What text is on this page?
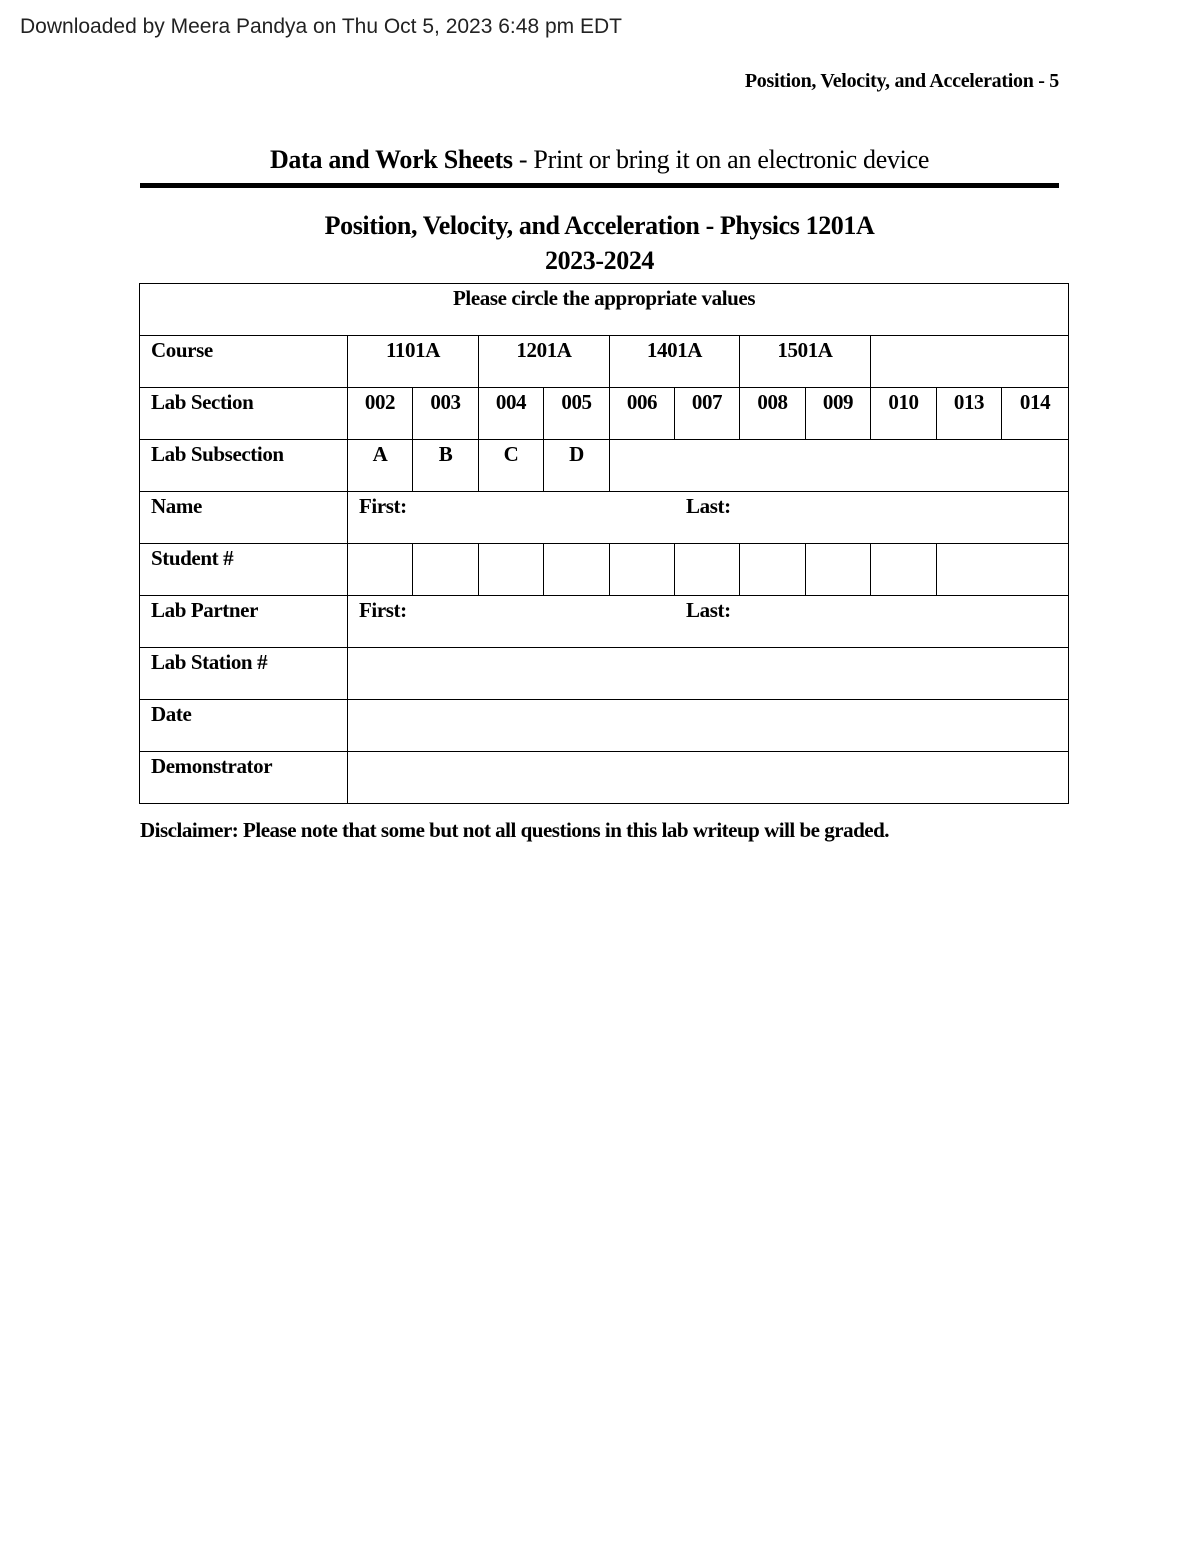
Downloaded by Meera Pandya on Thu Oct 5, 2023 6:48 pm EDT
Position, Velocity, and Acceleration - 5
Data and Work Sheets - Print or bring it on an electronic device
Position, Velocity, and Acceleration - Physics 1201A
2023-2024
Please circle the appropriate values											
Course	1101A		1201A		1401A		1501A				
Lab Section	002	003	004	005	006	007	008	009	010	013	014
Lab Subsection	A	B	C	D							
Name	First: Last:										
Student #											
Lab Partner	First: Last:										
Lab Station #											
Date											
Demonstrator											
Disclaimer: Please note that some but not all questions in this lab writeup will be graded.
